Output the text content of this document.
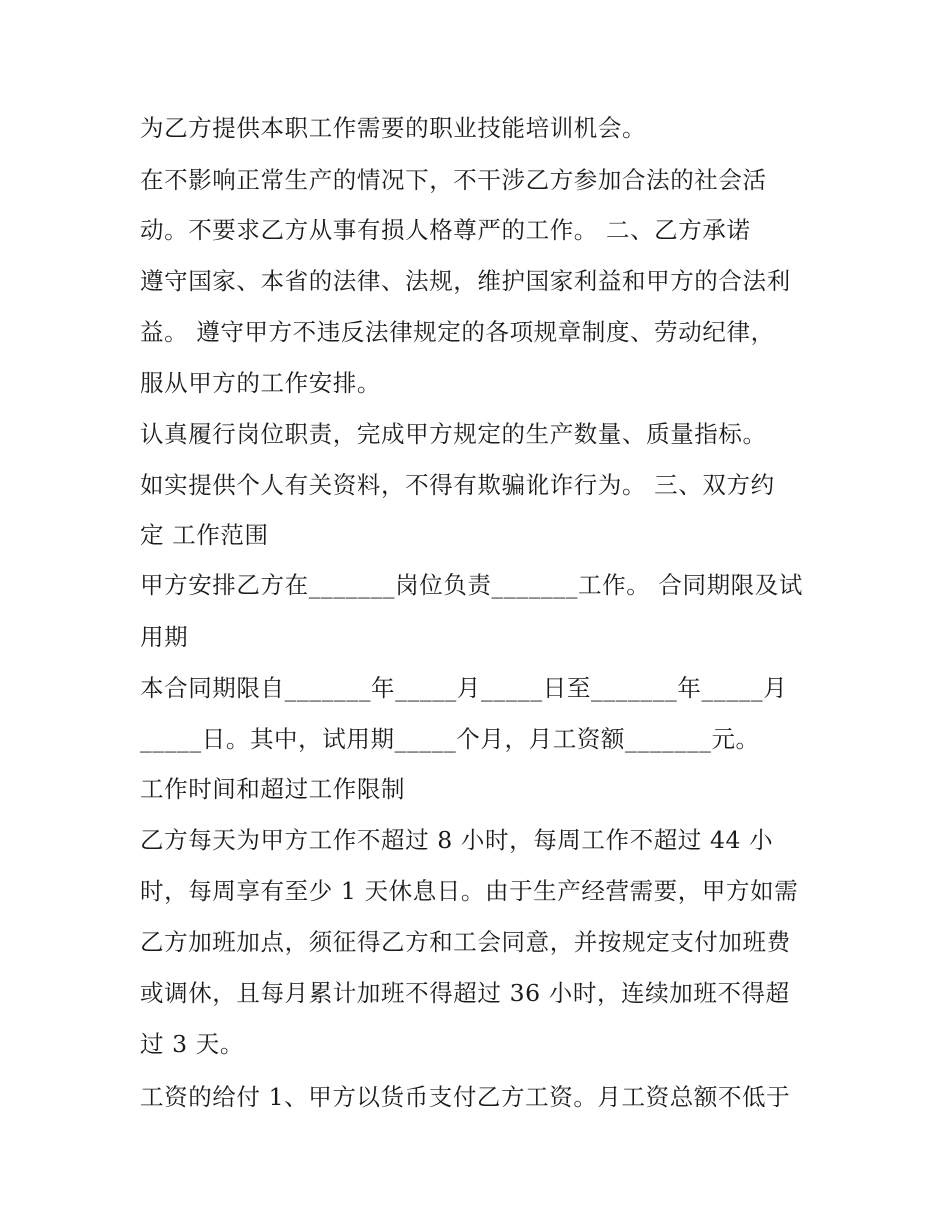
为乙方提供本职工作需要的职业技能培训机会。
在不影响正常生产的情况下，不干涉乙方参加合法的社会活
动。不要求乙方从事有损人格尊严的工作。 二、乙方承诺
遵守国家、本省的法律、法规，维护国家利益和甲方的合法利
益。 遵守甲方不违反法律规定的各项规章制度、劳动纪律，
服从甲方的工作安排。
认真履行岗位职责，完成甲方规定的生产数量、质量指标。
如实提供个人有关资料，不得有欺骗讹诈行为。 三、双方约
定 工作范围
甲方安排乙方在_______岗位负责_______工作。 合同期限及试
用期
本合同期限自_______年_____月_____日至_______年_____月
_____日。其中，试用期_____个月，月工资额_______元。
工作时间和超过工作限制
乙方每天为甲方工作不超过 8 小时，每周工作不超过 44 小
时，每周享有至少 1 天休息日。由于生产经营需要，甲方如需
乙方加班加点，须征得乙方和工会同意，并按规定支付加班费
或调休，且每月累计加班不得超过 36 小时，连续加班不得超
过 3 天。
工资的给付 1、甲方以货币支付乙方工资。月工资总额不低于
